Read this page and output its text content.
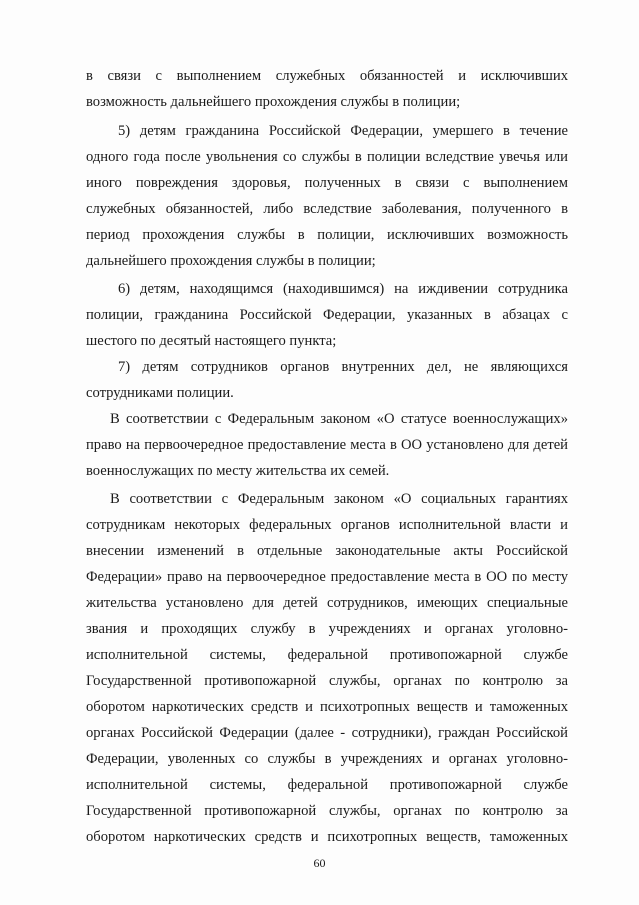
в связи с выполнением служебных обязанностей и исключивших
возможность дальнейшего прохождения службы в полиции;
5) детям гражданина Российской Федерации, умершего в течение
одного года после увольнения со службы в полиции вследствие увечья или
иного повреждения здоровья, полученных в связи с выполнением
служебных обязанностей, либо вследствие заболевания, полученного в
период прохождения службы в полиции, исключивших возможность
дальнейшего прохождения службы в полиции;
6) детям, находящимся (находившимся) на иждивении сотрудника
полиции, гражданина Российской Федерации, указанных в абзацах с
шестого по десятый настоящего пункта;
7) детям сотрудников органов внутренних дел, не являющихся
сотрудниками полиции.
В соответствии с Федеральным законом «О статусе военнослужащих»
право на первоочередное предоставление места в ОО установлено для детей
военнослужащих по месту жительства их семей.
В соответствии с Федеральным законом «О социальных гарантиях
сотрудникам некоторых федеральных органов исполнительной власти и
внесении изменений в отдельные законодательные акты Российской
Федерации» право на первоочередное предоставление места в ОО по месту
жительства установлено для детей сотрудников, имеющих специальные
звания и проходящих службу в учреждениях и органах уголовно-
исполнительной системы, федеральной противопожарной службе
Государственной противопожарной службы, органах по контролю за
оборотом наркотических средств и психотропных веществ и таможенных
органах Российской Федерации (далее - сотрудники), граждан Российской
Федерации, уволенных со службы в учреждениях и органах уголовно-
исполнительной системы, федеральной противопожарной службе
Государственной противопожарной службы, органах по контролю за
оборотом наркотических средств и психотропных веществ, таможенных
60
